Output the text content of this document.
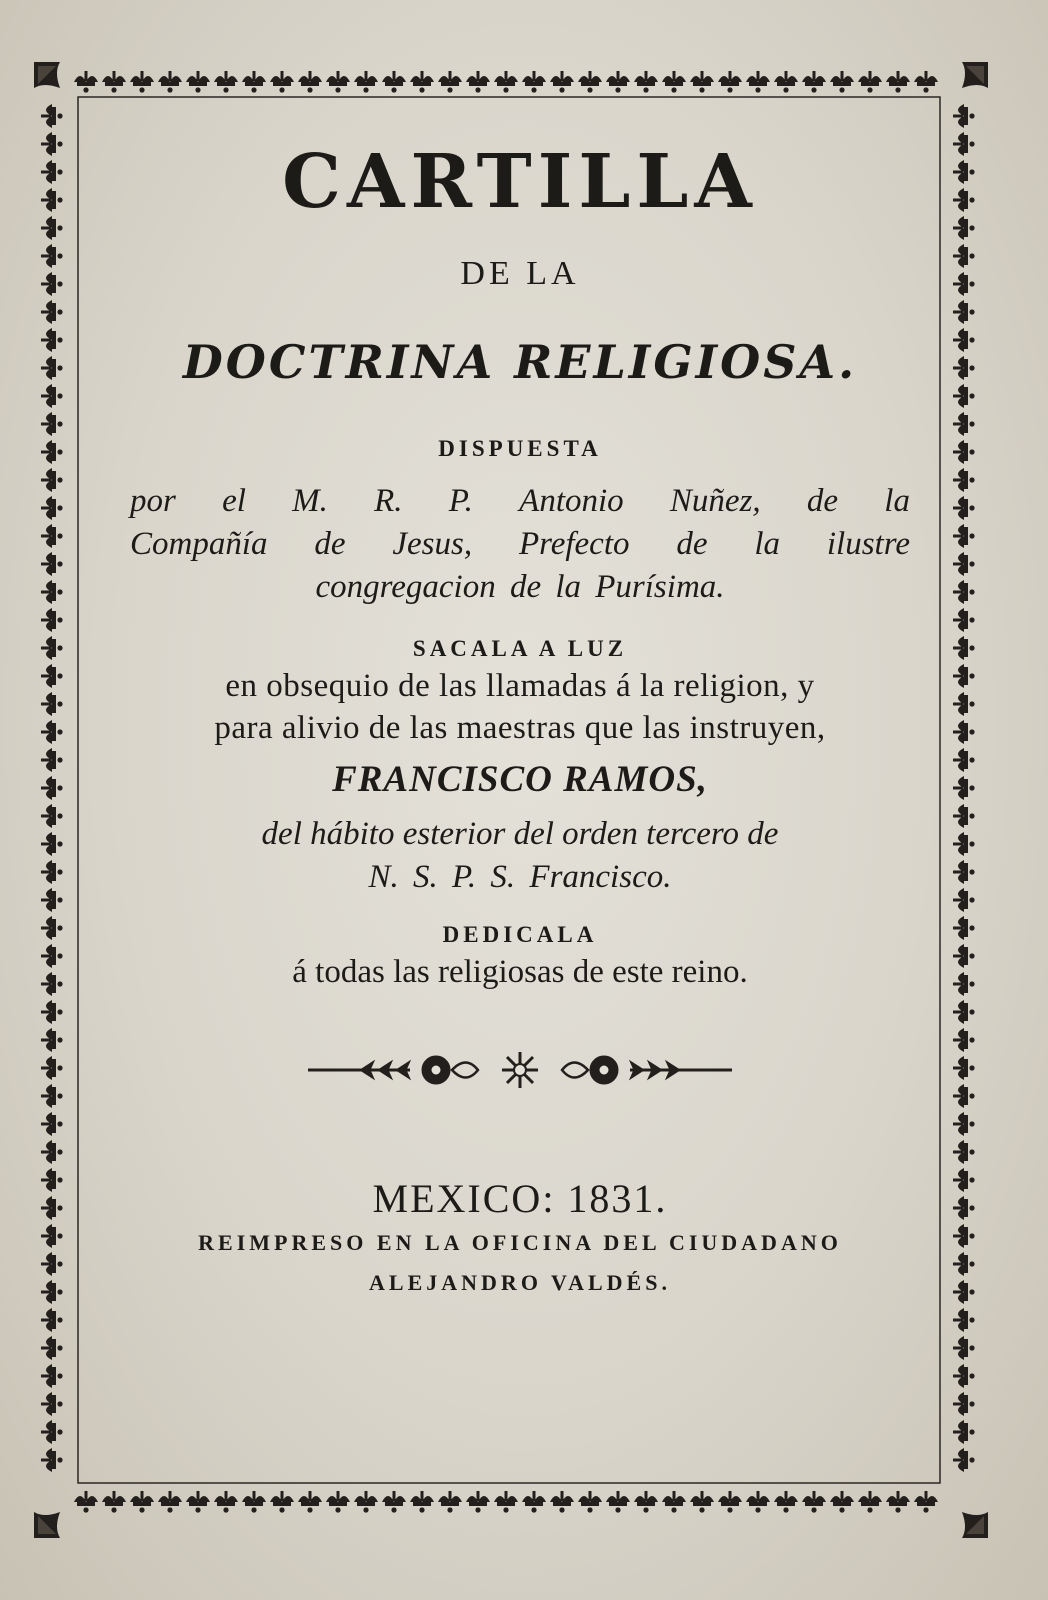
CARTILLA
DE LA
DOCTRINA RELIGIOSA.
DISPUESTA
por el M. R. P. Antonio Nuñez, de la
Compañía de Jesus, Prefecto de la ilustre
congregacion de la Purísima.
SACALA A LUZ
en obsequio de las llamadas á la religion, y
para alivio de las maestras que las instruyen,
FRANCISCO RAMOS,
del hábito esterior del orden tercero de
N. S. P. S. Francisco.
DEDICALA
á todas las religiosas de este reino.
MEXICO: 1831.
REIMPRESO EN LA OFICINA DEL CIUDADANO
ALEJANDRO VALDÉS.
